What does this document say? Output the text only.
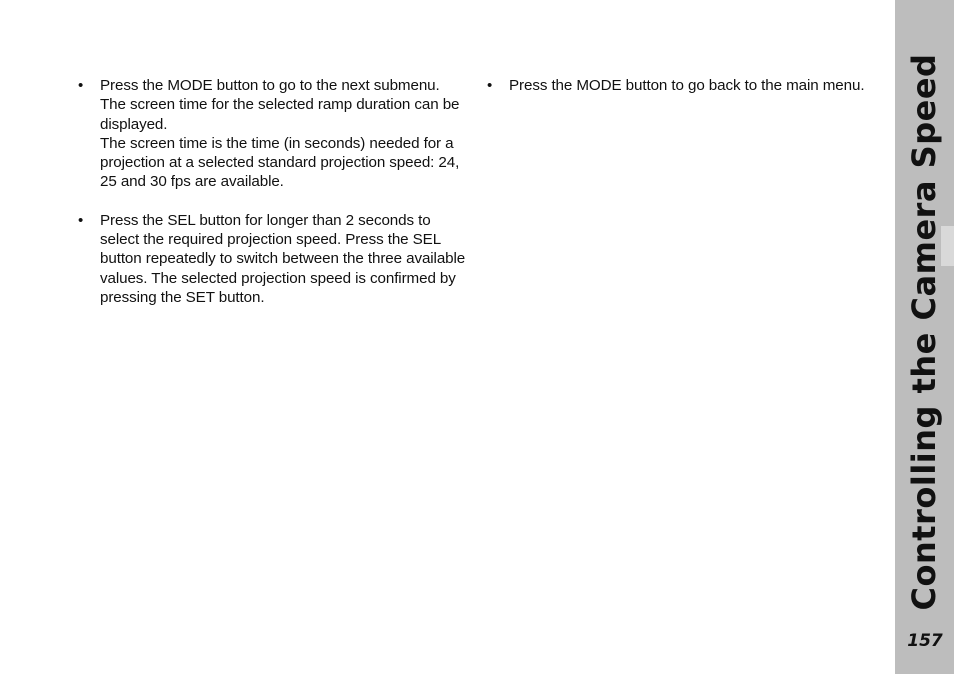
• Press the MODE button to go to the next submenu.

The screen time for the selected ramp duration can be displayed.

The screen time is the time (in seconds) needed for a projection at a selected standard projection speed: 24, 25 and 30 fps are available.

• Press the SEL button for longer than 2 seconds to select the required projection speed. Press the SEL button repeatedly to switch between the three available values. The selected projection speed is confirmed by pressing the SET button.

• Press the MODE button to go back to the main menu.	Controlling the Camera Speed
157
